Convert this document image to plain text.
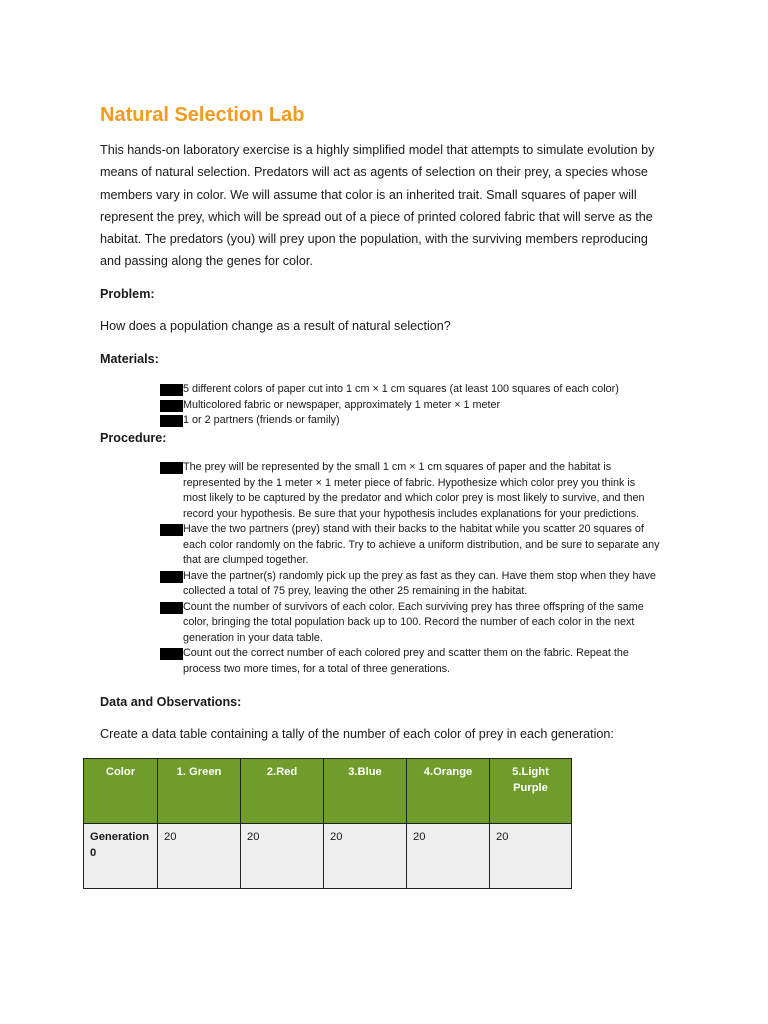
Natural Selection Lab

This hands-on laboratory exercise is a highly simplified model that attempts to simulate evolution by means of natural selection. Predators will act as agents of selection on their prey, a species whose members vary in color. We will assume that color is an inherited trait. Small squares of paper will represent the prey, which will be spread out of a piece of printed colored fabric that will serve as the habitat. The predators (you) will prey upon the population, with the surviving members reproducing and passing along the genes for color.

Problem:

How does a population change as a result of natural selection?

Materials:
5 different colors of paper cut into 1 cm × 1 cm squares (at least 100 squares of each color)
Multicolored fabric or newspaper, approximately 1 meter × 1 meter
1 or 2 partners (friends or family)
Procedure:
The prey will be represented by the small 1 cm × 1 cm squares of paper and the habitat is represented by the 1 meter × 1 meter piece of fabric. Hypothesize which color prey you think is most likely to be captured by the predator and which color prey is most likely to survive, and then record your hypothesis. Be sure that your hypothesis includes explanations for your predictions.
Have the two partners (prey) stand with their backs to the habitat while you scatter 20 squares of each color randomly on the fabric. Try to achieve a uniform distribution, and be sure to separate any that are clumped together.
Have the partner(s) randomly pick up the prey as fast as they can. Have them stop when they have collected a total of 75 prey, leaving the other 25 remaining in the habitat.
Count the number of survivors of each color. Each surviving prey has three offspring of the same color, bringing the total population back up to 100. Record the number of each color in the next generation in your data table.
Count out the correct number of each colored prey and scatter them on the fabric. Repeat the process two more times, for a total of three generations.
Data and Observations:

Create a data table containing a tally of the number of each color of prey in each generation:

Color	1. Green	2.Red	3.Blue	4.Orange	5.Light Purple
Generation 0	20	20	20	20	20
